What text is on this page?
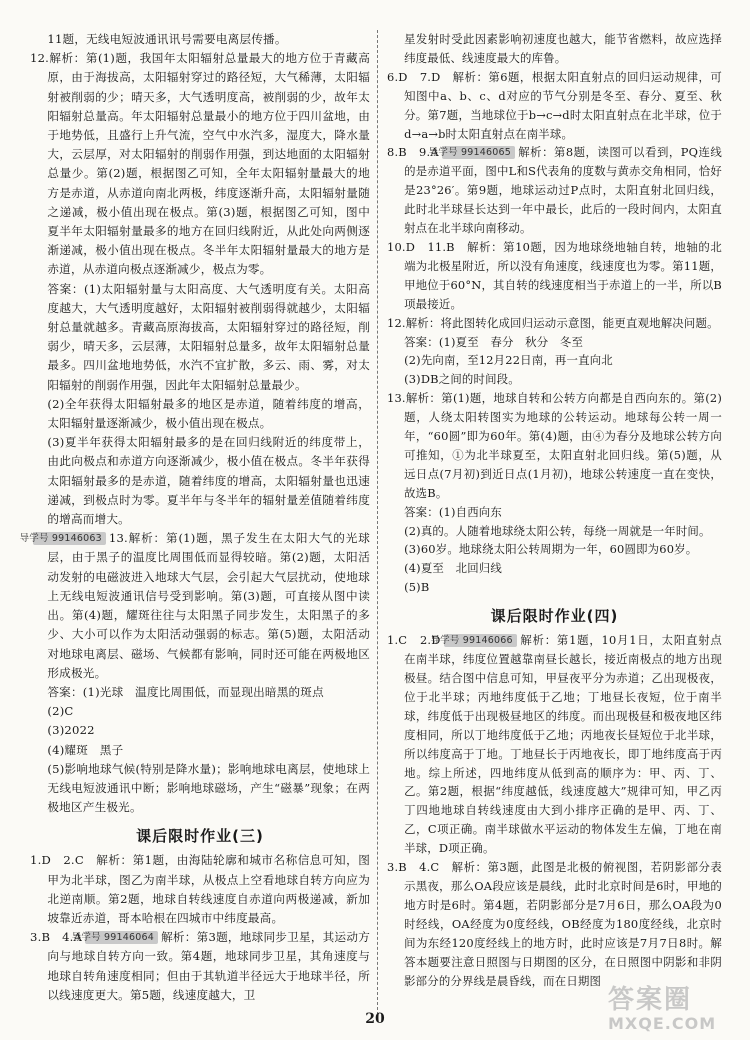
11题，无线电短波通讯讯号需要电离层传播。

12.解析：第(1)题，我国年太阳辐射总量最大的地方位于青藏高原，由于海拔高，太阳辐射穿过的路径短，大气稀薄，太阳辐射被削弱的少；晴天多，大气透明度高，被削弱的少，故年太阳辐射总量高。年太阳辐射总量最小的地方位于四川盆地，由于地势低，且盛行上升气流，空气中水汽多，湿度大，降水量大，云层厚，对太阳辐射的削弱作用强，到达地面的太阳辐射总量少。第(2)题，根据图乙可知，全年太阳辐射量最大的地方是赤道，从赤道向南北两极，纬度逐渐升高，太阳辐射量随之递减，极小值出现在极点。第(3)题，根据图乙可知，图中夏半年太阳辐射量最多的地方在回归线附近，从此处向两侧逐渐递减，极小值出现在极点。冬半年太阳辐射量最大的地方是赤道，从赤道向极点逐渐减少，极点为零。

答案：(1)太阳辐射量与太阳高度、大气透明度有关。太阳高度越大，大气透明度越好，太阳辐射被削弱得就越少，太阳辐射总量就越多。青藏高原海拔高，太阳辐射穿过的路径短，削弱少，晴天多，云层薄，太阳辐射总量多，故年太阳辐射总量最多。四川盆地地势低，水汽不宜扩散，多云、雨、雾，对太阳辐射的削弱作用强，因此年太阳辐射总量最少。

(2)全年获得太阳辐射最多的地区是赤道，随着纬度的增高，太阳辐射量逐渐减少，极小值出现在极点。

(3)夏半年获得太阳辐射最多的是在回归线附近的纬度带上，由此向极点和赤道方向逐渐减少，极小值在极点。冬半年获得太阳辐射最多的是赤道，随着纬度的增高，太阳辐射量也迅速递减，到极点时为零。夏半年与冬半年的辐射量差值随着纬度的增高而增大。

导学号 99146063 13.解析：第(1)题，黑子发生在太阳大气的光球层，由于黑子的温度比周围低而显得较暗。第(2)题，太阳活动发射的电磁波进入地球大气层，会引起大气层扰动，使地球上无线电短波通讯信号受到影响。第(3)题，可直接从图中读出。第(4)题，耀斑往往与太阳黑子同步发生，太阳黑子的多少、大小可以作为太阳活动强弱的标志。第(5)题，太阳活动对地球电离层、磁场、气候都有影响，同时还可能在两极地区形成极光。

答案：(1)光球　温度比周围低，而显现出暗黑的斑点

(2)C

(3)2022

(4)耀斑　黑子

(5)影响地球气候(特别是降水量)；影响地球电离层，使地球上无线电短波通讯中断；影响地球磁场，产生“磁暴”现象；在两极地区产生极光。

课后限时作业(三)

1.D　2.C　解析：第1题，由海陆轮廓和城市名称信息可知，图甲为北半球，图乙为南半球，从极点上空看地球自转方向应为北逆南顺。第2题，地球自转线速度自赤道向两极递减，新加坡靠近赤道，哥本哈根在四城市中纬度最高。

3.B　4.A导学号 99146064 解析：第3题，地球同步卫星，其运动方向与地球自转方向一致。第4题，地球同步卫星，其角速度与地球自转角速度相同；但由于其轨道半径远大于地球半径，所以线速度更大。第5题，线速度越大，卫

星发射时受此因素影响初速度也越大，能节省燃料，故应选择纬度最低、线速度最大的库鲁。

6.D　7.D　解析：第6题，根据太阳直射点的回归运动规律，可知图中a、b、c、d对应的节气分别是冬至、春分、夏至、秋分。第7题，当地球位于b→c→d时太阳直射点在北半球，位于d→a→b时太阳直射点在南半球。

8.B　9.A导学号 99146065 解析：第8题，读图可以看到，PQ连线的是赤道平面，图中L和S代表角的度数与黄赤交角相同，恰好是23°26′。第9题，地球运动过P点时，太阳直射北回归线，此时北半球昼长达到一年中最长，此后的一段时间内，太阳直射点在北半球向南移动。

10.D　11.B　解析：第10题，因为地球绕地轴自转，地轴的北端为北极星附近，所以没有角速度，线速度也为零。第11题，甲地位于60°N，其自转的线速度相当于赤道上的一半，所以B项最接近。

12.解析：将此图转化成回归运动示意图，能更直观地解决问题。

答案：(1)夏至　春分　秋分　冬至

(2)先向南，至12月22日南，再一直向北

(3)DB之间的时间段。

13.解析：第(1)题，地球自转和公转方向都是自西向东的。第(2)题，人绕太阳转图实为地球的公转运动。地球每公转一周一年，“60圆”即为60年。第(4)题，由④为春分及地球公转方向可推知，①为北半球夏至，太阳直射北回归线。第(5)题，从远日点(7月初)到近日点(1月初)，地球公转速度一直在变快，故选B。

答案：(1)自西向东

(2)真的。人随着地球绕太阳公转，每绕一周就是一年时间。

(3)60岁。地球绕太阳公转周期为一年，60圆即为60岁。

(4)夏至　北回归线

(5)B

课后限时作业(四)

1.C　2.D导学号 99146066 解析：第1题，10月1日，太阳直射点在南半球，纬度位置越靠南昼长越长，接近南极点的地方出现极昼。结合图中信息可知，甲昼夜平分为赤道；乙出现极夜，位于北半球；丙地纬度低于乙地；丁地昼长夜短，位于南半球，纬度低于出现极昼地区的纬度。而出现极昼和极夜地区纬度相同，所以丁地纬度低于乙地；丙地夜长昼短位于北半球，所以纬度高于丁地。丁地昼长于丙地夜长，即丁地纬度高于丙地。综上所述，四地纬度从低到高的顺序为：甲、丙、丁、乙。第2题，根据“纬度越低，线速度越大”规律可知，甲乙丙丁四地地球自转线速度由大到小排序正确的是甲、丙、丁、乙，C项正确。南半球做水平运动的物体发生左偏，丁地在南半球，D项正确。

3.B　4.C　解析：第3题，此图是北极的俯视图，若阴影部分表示黑夜，那么OA段应该是晨线，此时北京时间是6时，甲地的地方时是6时。第4题，若阴影部分是7月6日，那么OA段为0时经线，OA经度为0度经线，OB经度为180度经线，北京时间为东经120度经线上的地方时，此时应该是7月7日8时。解答本题要注意日照图与日期图的区分，在日照图中阴影和非阴影部分的分界线是晨昏线，而在日期图

20
答案圈
MXQE.COM
